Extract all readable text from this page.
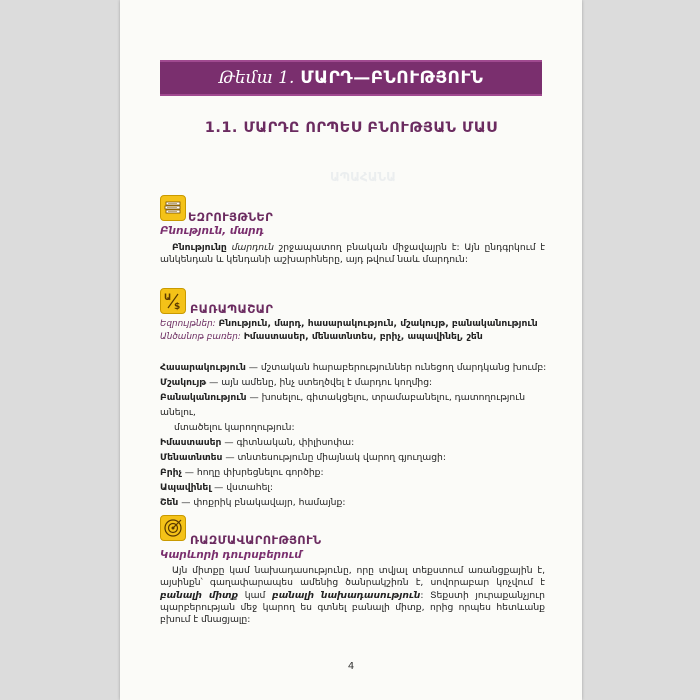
ԱՊԱՀԱՆԱ
Թեմա 1. ՄԱՐԴ—ԲՆՈՒԹՅՈՒՆ
1.1. ՄԱՐԴԸ ՈՐՊԵՍ ԲՆՈՒԹՅԱՆ ՄԱՍ
ԵԶՐՈՒՅԹՆԵՐ
Բնություն, մարդ
Բնությունը մարդուն շրջապատող բնական միջավայրն է: Այն ընդգրկում է անկենդան և կենդանի աշխարհները, այդ թվում նաև մարդուն:
Ա
$ ԲԱՌԱՊԱՇԱՐ
Եզրույթներ: Բնություն, մարդ, հասարակություն, մշակույթ, բանականություն
Անծանոթ բառեր: Իմաստասեր, մենատնտես, բրիչ, ապավինել, շեն
Հասարակություն — մշտական հարաբերություններ ունեցող մարդկանց խումբ:
Մշակույթ — այն ամենը, ինչ ստեղծվել է մարդու կողմից:
Բանականություն — խոսելու, գիտակցելու, տրամաբանելու, դատողություն անելու,
մտածելու կարողություն:
Իմաստասեր — գիտնական, փիլիսոփա:
Մենատնտես — տնտեսությունը միայնակ վարող գյուղացի:
Բրիչ — հողը փխրեցնելու գործիք:
Ապավինել — վստահել:
Շեն — փոքրիկ բնակավայր, համայնք:
ՌԱԶՄԱՎԱՐՈՒԹՅՈՒՆ
Կարևորի դուրսբերում
Այն միտքը կամ նախադասությունը, որը տվյալ տեքստում առանցքային է, այսինքն՝ գաղափարապես ամենից ծանրակշիռն է, սովորաբար կոչվում է բանալի միտք կամ բանալի նախադասություն: Տեքստի յուրաքանչյուր պարբերության մեջ կարող ես գտնել բանալի միտք, որից որպես հետևանք բխում է մնացյալը:
4
